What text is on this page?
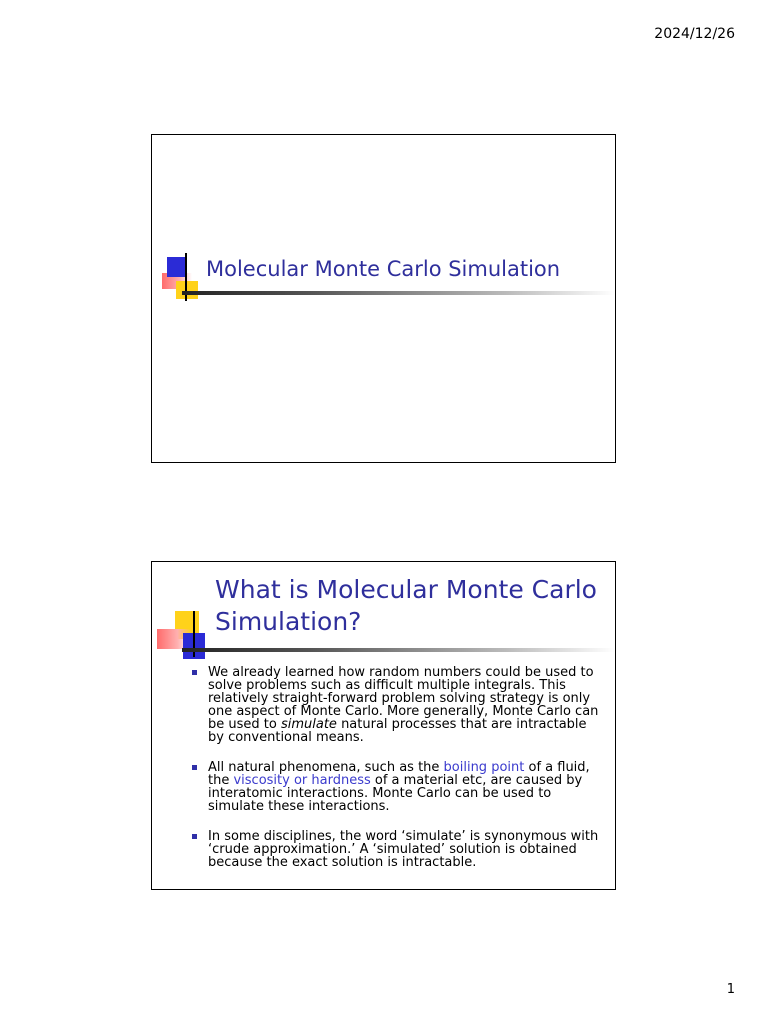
2024/12/26
Molecular Monte Carlo Simulation
What is Molecular Monte Carlo Simulation?
We already learned how random numbers could be used to solve problems such as difficult multiple integrals. This relatively straight-forward problem solving strategy is only one aspect of Monte Carlo. More generally, Monte Carlo can be used to simulate natural processes that are intractable by conventional means.
All natural phenomena, such as the boiling point of a fluid, the viscosity or hardness of a material etc, are caused by interatomic interactions. Monte Carlo can be used to simulate these interactions.
In some disciplines, the word ‘simulate’ is synonymous with ‘crude approximation.’ A ‘simulated’ solution is obtained because the exact solution is intractable.
1
